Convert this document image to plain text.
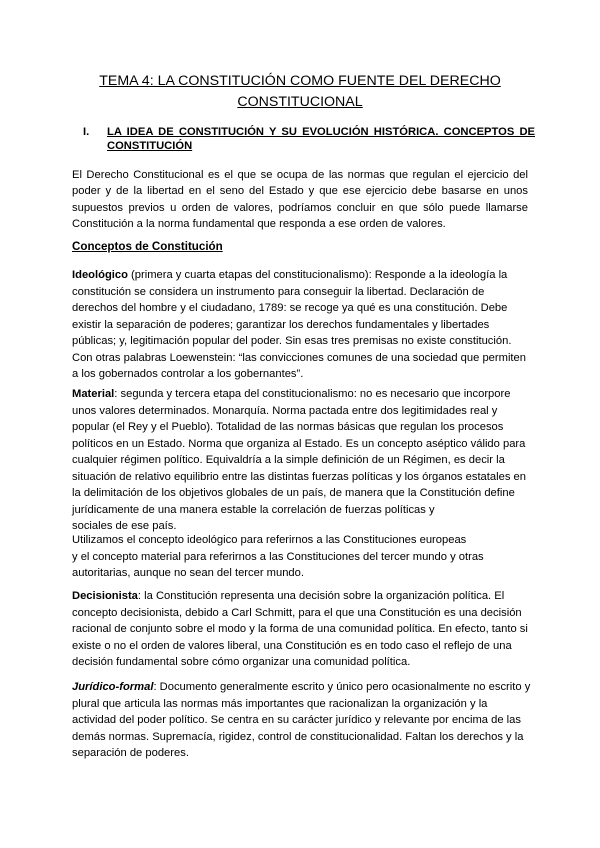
TEMA 4: LA CONSTITUCIÓN COMO FUENTE DEL DERECHO
CONSTITUCIONAL
I. LA IDEA DE CONSTITUCIÓN Y SU EVOLUCIÓN HISTÓRICA. CONCEPTOS DE CONSTITUCIÓN
El Derecho Constitucional es el que se ocupa de las normas que regulan el ejercicio del poder y de la libertad en el seno del Estado y que ese ejercicio debe basarse en unos supuestos previos u orden de valores, podríamos concluir en que sólo puede llamarse Constitución a la norma fundamental que responda a ese orden de valores.
Conceptos de Constitución
Ideológico (primera y cuarta etapas del constitucionalismo): Responde a la ideología la
constitución se considera un instrumento para conseguir la libertad. Declaración de
derechos del hombre y el ciudadano, 1789: se recoge ya qué es una constitución. Debe
existir la separación de poderes; garantizar los derechos fundamentales y libertades
públicas; y, legitimación popular del poder. Sin esas tres premisas no existe constitución.
Con otras palabras Loewenstein: “las convicciones comunes de una sociedad que permiten
a los gobernados controlar a los gobernantes”.
Material: segunda y tercera etapa del constitucionalismo: no es necesario que incorpore
unos valores determinados. Monarquía. Norma pactada entre dos legitimidades real y
popular (el Rey y el Pueblo). Totalidad de las normas básicas que regulan los procesos
políticos en un Estado. Norma que organiza al Estado. Es un concepto aséptico válido para
cualquier régimen político. Equivaldría a la simple definición de un Régimen, es decir la
situación de relativo equilibrio entre las distintas fuerzas políticas y los órganos estatales en
la delimitación de los objetivos globales de un país, de manera que la Constitución define
jurídicamente de una manera estable la correlación de fuerzas políticas y
sociales de ese país.
Utilizamos el concepto ideológico para referirnos a las Constituciones europeas
y el concepto material para referirnos a las Constituciones del tercer mundo y otras
autoritarias, aunque no sean del tercer mundo.
Decisionista: la Constitución representa una decisión sobre la organización política. El
concepto decisionista, debido a Carl Schmitt, para el que una Constitución es una decisión
racional de conjunto sobre el modo y la forma de una comunidad política. En efecto, tanto si
existe o no el orden de valores liberal, una Constitución es en todo caso el reflejo de una
decisión fundamental sobre cómo organizar una comunidad política.
Jurídico-formal: Documento generalmente escrito y único pero ocasionalmente no escrito y
plural que articula las normas más importantes que racionalizan la organización y la
actividad del poder político. Se centra en su carácter jurídico y relevante por encima de las
demás normas. Supremacía, rigidez, control de constitucionalidad. Faltan los derechos y la
separación de poderes.
